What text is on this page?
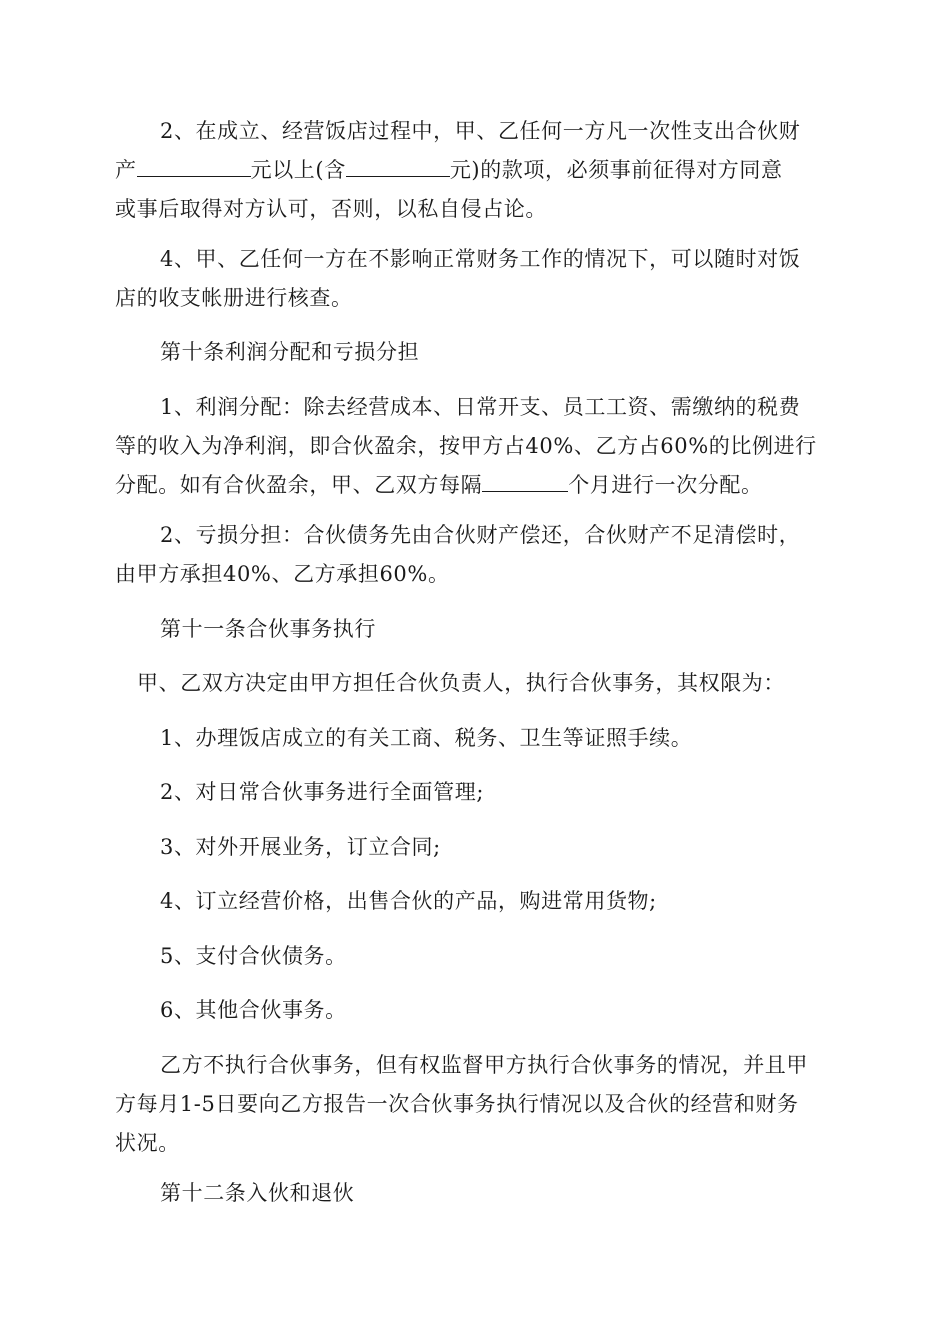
2、在成立、经营饭店过程中，甲、乙任何一方凡一次性支出合伙财
产	元以上(含	元)的款项，必须事前征得对方同意
或事后取得对方认可，否则，以私自侵占论。
4、甲、乙任何一方在不影响正常财务工作的情况下，可以随时对饭
店的收支帐册进行核查。
第十条利润分配和亏损分担
1、利润分配：除去经营成本、日常开支、员工工资、需缴纳的税费
等的收入为净利润，即合伙盈余，按甲方占40%、乙方占60%的比例进行
分配。如有合伙盈余，甲、乙双方每隔	个月进行一次分配。
2、亏损分担：合伙债务先由合伙财产偿还，合伙财产不足清偿时，
由甲方承担40%、乙方承担60%。
第十一条合伙事务执行
甲、乙双方决定由甲方担任合伙负责人，执行合伙事务，其权限为：
1、办理饭店成立的有关工商、税务、卫生等证照手续。
2、对日常合伙事务进行全面管理;
3、对外开展业务，订立合同;
4、订立经营价格，出售合伙的产品，购进常用货物;
5、支付合伙债务。
6、其他合伙事务。
乙方不执行合伙事务，但有权监督甲方执行合伙事务的情况，并且甲
方每月1-5日要向乙方报告一次合伙事务执行情况以及合伙的经营和财务
状况。
第十二条入伙和退伙
